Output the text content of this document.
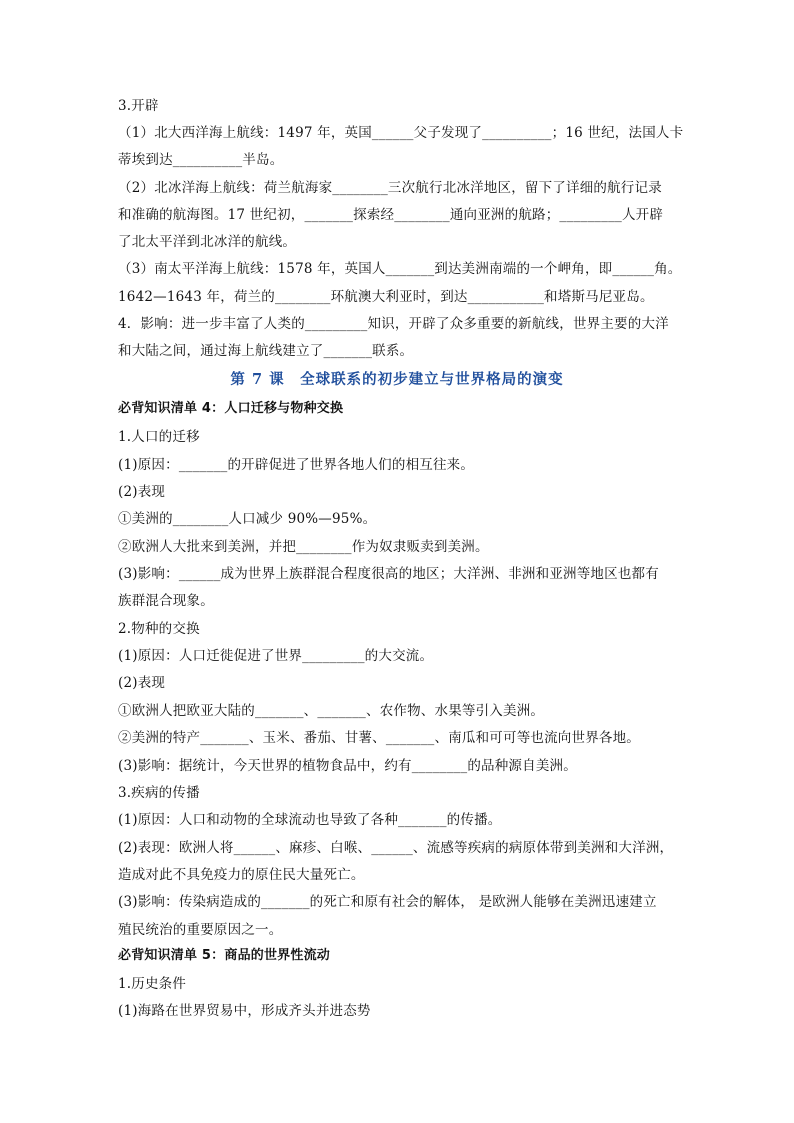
3.开辟
（1）北大西洋海上航线：1497 年，英国______父子发现了__________；16 世纪，法国人卡
蒂埃到达__________半岛。
（2）北冰洋海上航线：荷兰航海家________三次航行北冰洋地区，留下了详细的航行记录
和准确的航海图。17 世纪初，_______探索经________通向亚洲的航路；_________人开辟
了北太平洋到北冰洋的航线。
（3）南太平洋海上航线：1578 年，英国人_______到达美洲南端的一个岬角，即______角。
1642—1643 年，荷兰的________环航澳大利亚时，到达___________和塔斯马尼亚岛。
4．影响：进一步丰富了人类的_________知识，开辟了众多重要的新航线，世界主要的大洋
和大陆之间，通过海上航线建立了_______联系。
第 7 课　全球联系的初步建立与世界格局的演变
必背知识清单 4：人口迁移与物种交换
1.人口的迁移
(1)原因：_______的开辟促进了世界各地人们的相互往来。
(2)表现
①美洲的________人口减少 90%—95%。
②欧洲人大批来到美洲，并把________作为奴隶贩卖到美洲。
(3)影响：______成为世界上族群混合程度很高的地区；大洋洲、非洲和亚洲等地区也都有
族群混合现象。
2.物种的交换
(1)原因：人口迁徙促进了世界_________的大交流。
(2)表现
①欧洲人把欧亚大陆的_______、_______、农作物、水果等引入美洲。
②美洲的特产_______、玉米、番茄、甘薯、_______、南瓜和可可等也流向世界各地。
(3)影响：据统计，今天世界的植物食品中，约有________的品种源自美洲。
3.疾病的传播
(1)原因：人口和动物的全球流动也导致了各种_______的传播。
(2)表现：欧洲人将______、麻疹、白喉、______、流感等疾病的病原体带到美洲和大洋洲，
造成对此不具免疫力的原住民大量死亡。
(3)影响：传染病造成的_______的死亡和原有社会的解体， 是欧洲人能够在美洲迅速建立
殖民统治的重要原因之一。
必背知识清单 5：商品的世界性流动
1.历史条件
(1)海路在世界贸易中，形成齐头并进态势
